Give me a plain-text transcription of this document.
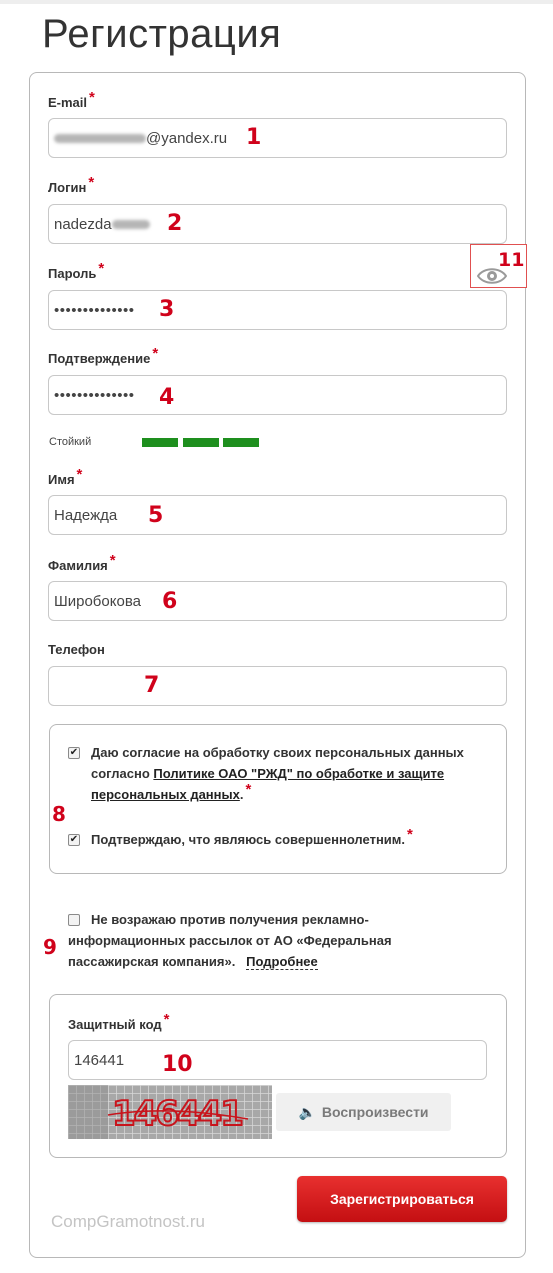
Регистрация
E-mail *
@yandex.ru 1
Логин *
nadezda	2
Пароль *
•••••••••••••• 3
11
Подтверждение *
•••••••••••••• 4
Стойкий
Имя *
Надежда 5
Фамилия *
Широбокова 6
Телефон
7
✔ Даю согласие на обработку своих персональных данных согласно Политике ОАО "РЖД" по обработке и защите персональных данных. *
8
✔ Подтверждаю, что являюсь совершеннолетним. *
Не возражаю против получения рекламно-информационных рассылок от АО «Федеральная пассажирская компания». Подробнее
9
Защитный код *
146441 10
146441	🔈 Воспроизвести
Зарегистрироваться
CompGramotnost.ru
